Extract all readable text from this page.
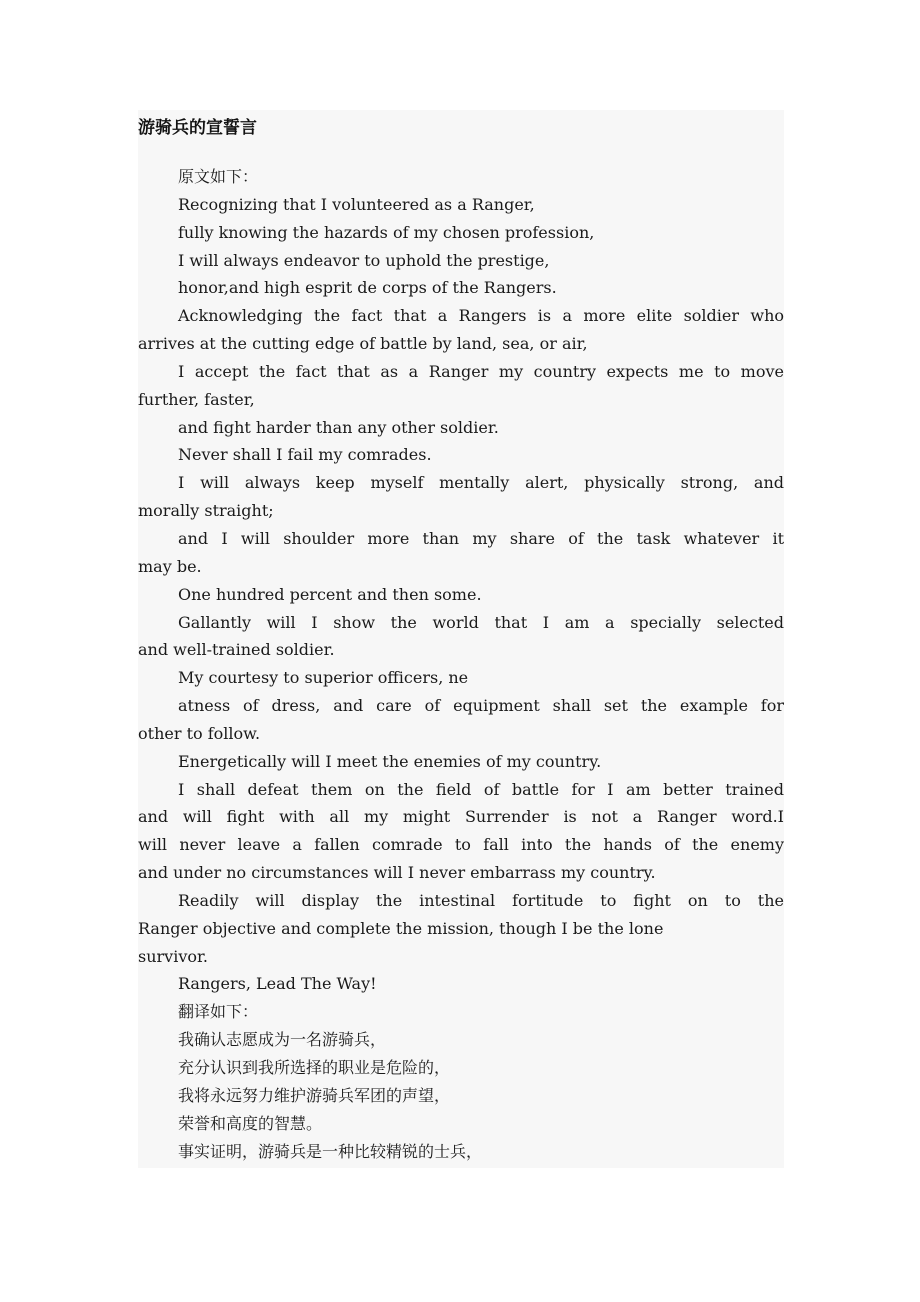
游骑兵的宣誓言

原文如下：

Recognizing that I volunteered as a Ranger,

fully knowing the hazards of my chosen profession,

I will always endeavor to uphold the prestige,

honor,and high esprit de corps of the Rangers.

Acknowledging the fact that a Rangers is a more elite soldier who

arrives at the cutting edge of battle by land, sea, or air,

I accept the fact that as a Ranger my country expects me to move

further, faster,

and fight harder than any other soldier.

Never shall I fail my comrades.

I will always keep myself mentally alert, physically strong, and

morally straight;

and I will shoulder more than my share of the task whatever it

may be.

One hundred percent and then some.

Gallantly will I show the world that I am a specially selected

and well-trained soldier.

My courtesy to superior officers, ne

atness of dress, and care of equipment shall set the example for

other to follow.

Energetically will I meet the enemies of my country.

I shall defeat them on the field of battle for I am better trained

and will fight with all my might Surrender is not a Ranger word.I

will never leave a fallen comrade to fall into the hands of the enemy

and under no circumstances will I never embarrass my country.

Readily will display the intestinal fortitude to fight on to the

Ranger objective and complete the mission, though I be the lone

survivor.

Rangers, Lead The Way!

翻译如下：

我确认志愿成为一名游骑兵，

充分认识到我所选择的职业是危险的，

我将永远努力维护游骑兵军团的声望，

荣誉和高度的智慧。

事实证明，游骑兵是一种比较精锐的士兵，
